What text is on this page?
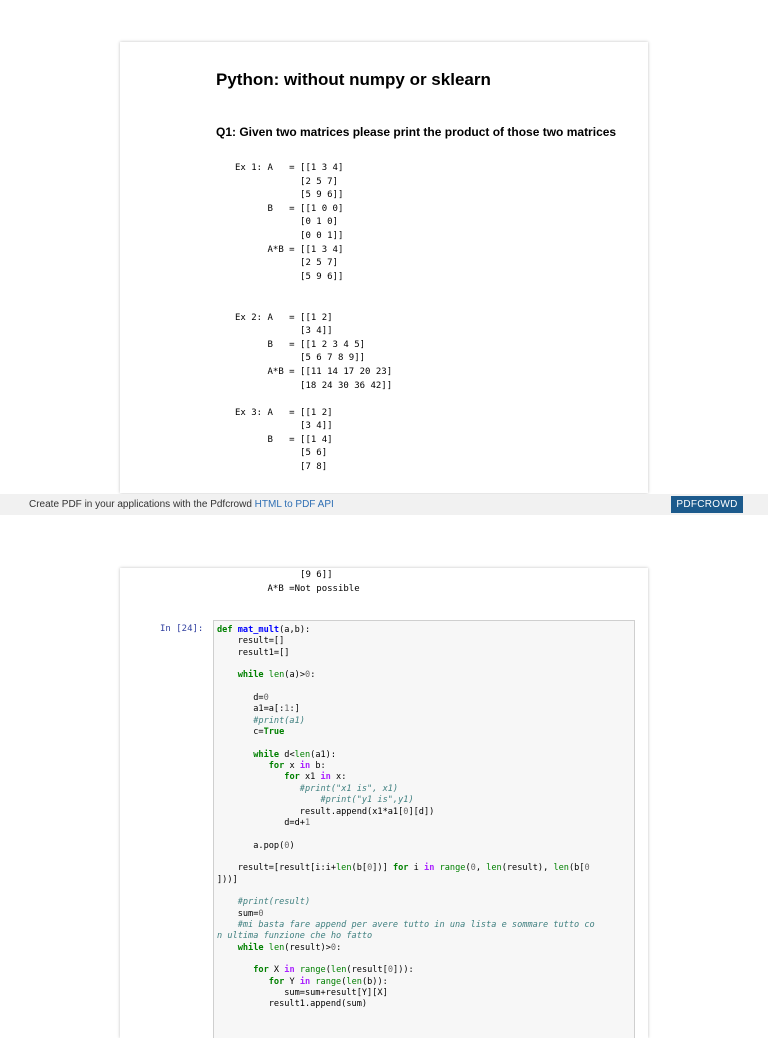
Python: without numpy or sklearn
Q1: Given two matrices please print the product of those two matrices
Ex 1: A   = [[1 3 4]
[2 5 7]
[5 9 6]]
B   = [[1 0 0]
[0 1 0]
[0 0 1]]
A*B = [[1 3 4]
[2 5 7]
[5 9 6]]

Ex 2: A   = [[1 2]
[3 4]]
B   = [[1 2 3 4 5]
[5 6 7 8 9]]
A*B = [[11 14 17 20 23]
[18 24 30 36 42]]

Ex 3: A   = [[1 2]
[3 4]]
B   = [[1 4]
[5 6]
[7 8]
Create PDF in your applications with the Pdfcrowd HTML to PDF API	PDFCROWD
[9 6]]
A*B =Not possible
In [24]: def mat_mult(a,b):
result=[]
result1=[]

while len(a)>0:

d=0
a1=a[:1:]
#print(a1)
c=True

while d<len(a1):
for x in b:
for x1 in x:
#print("x1 is", x1)
#print("y1 is",y1)
result.append(x1*a1[0][d])
d=d+1

a.pop(0)

result=[result[i:i+len(b[0])] for i in range(0, len(result), len(b[0
]))]

#print(result)
sum=0
#mi basta fare append per avere tutto in una lista e sommare tutto co
n ultima funzione che ho fatto
while len(result)>0:

for X in range(len(result[0])):
for Y in range(len(b)):
sum=sum+result[Y][X]
result1.append(sum)
